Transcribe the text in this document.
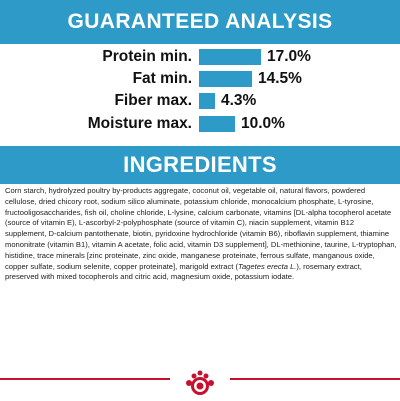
GUARANTEED ANALYSIS
Protein min.	17.0%
Fat min.	14.5%
Fiber max. 4.3%
Moisture max.	10.0%
INGREDIENTS
Corn starch, hydrolyzed poultry by-products aggregate, coconut oil, vegetable oil, natural flavors, powdered cellulose, dried chicory root, sodium silico aluminate, potassium chloride, monocalcium phosphate, L-tyrosine, fructooligosaccharides, fish oil, choline chloride, L-lysine, calcium carbonate, vitamins [DL-alpha tocopherol acetate (source of vitamin E), L-ascorbyl-2-polyphosphate (source of vitamin C), niacin supplement, vitamin B12 supplement, D-calcium pantothenate, biotin, pyridoxine hydrochloride (vitamin B6), riboflavin supplement, thiamine mononitrate (vitamin B1), vitamin A acetate, folic acid, vitamin D3 supplement], DL-methionine, taurine, L-tryptophan, histidine, trace minerals [zinc proteinate, zinc oxide, manganese proteinate, ferrous sulfate, manganous oxide, copper sulfate, sodium selenite, copper proteinate], marigold extract (Tagetes erecta L.), rosemary extract, preserved with mixed tocopherols and citric acid, magnesium oxide, potassium iodate.
